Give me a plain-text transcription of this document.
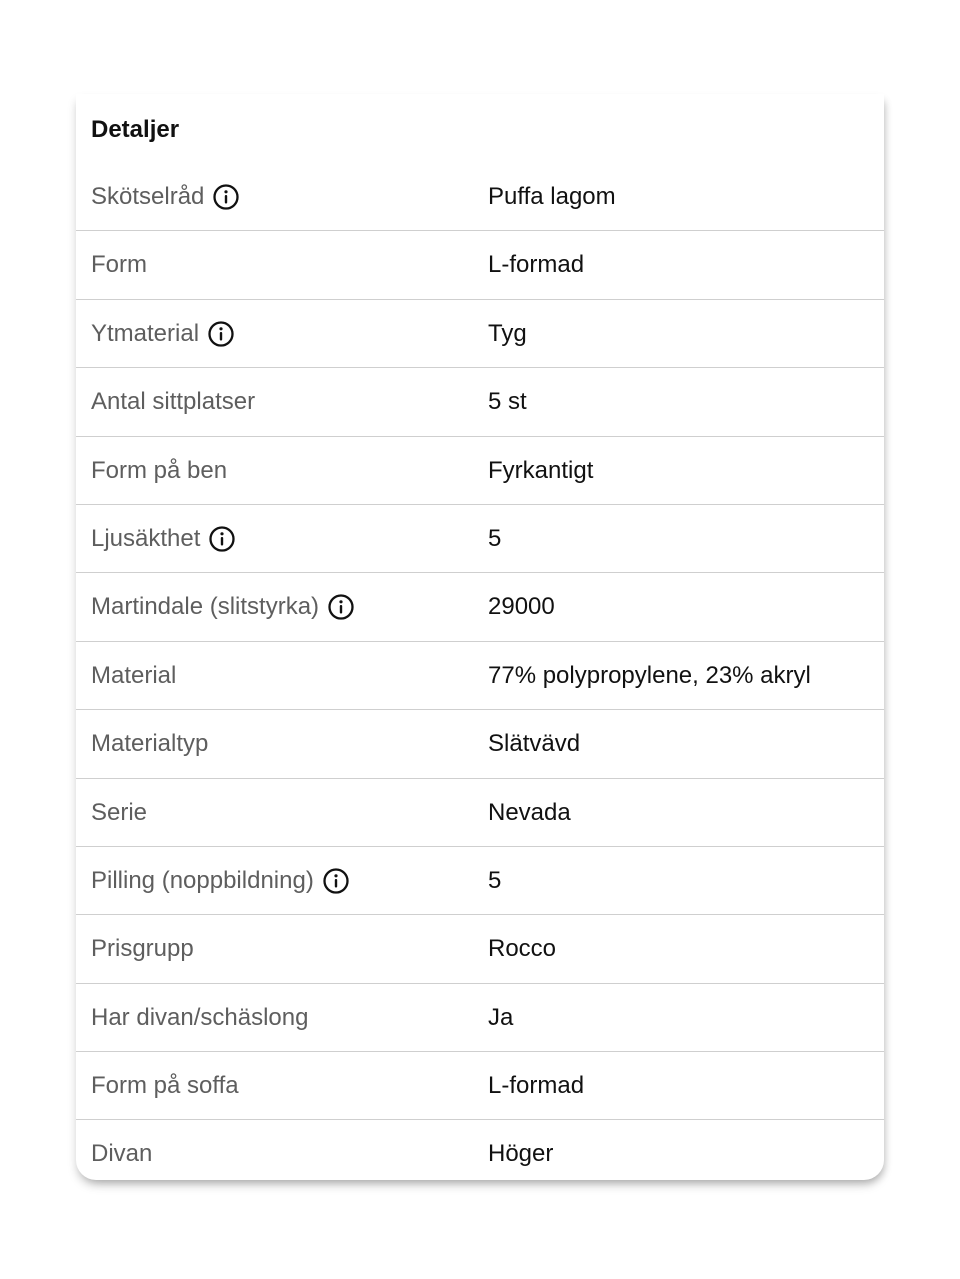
Detaljer
Skötselråd	Puffa lagom
Form	L-formad
Ytmaterial	Tyg
Antal sittplatser	5 st
Form på ben	Fyrkantigt
Ljusäkthet	5
Martindale (slitstyrka)	29000
Material	77% polypropylene, 23% akryl
Materialtyp	Slätvävd
Serie	Nevada
Pilling (noppbildning)	5
Prisgrupp	Rocco
Har divan/schäslong	Ja
Form på soffa	L-formad
Divan	Höger
